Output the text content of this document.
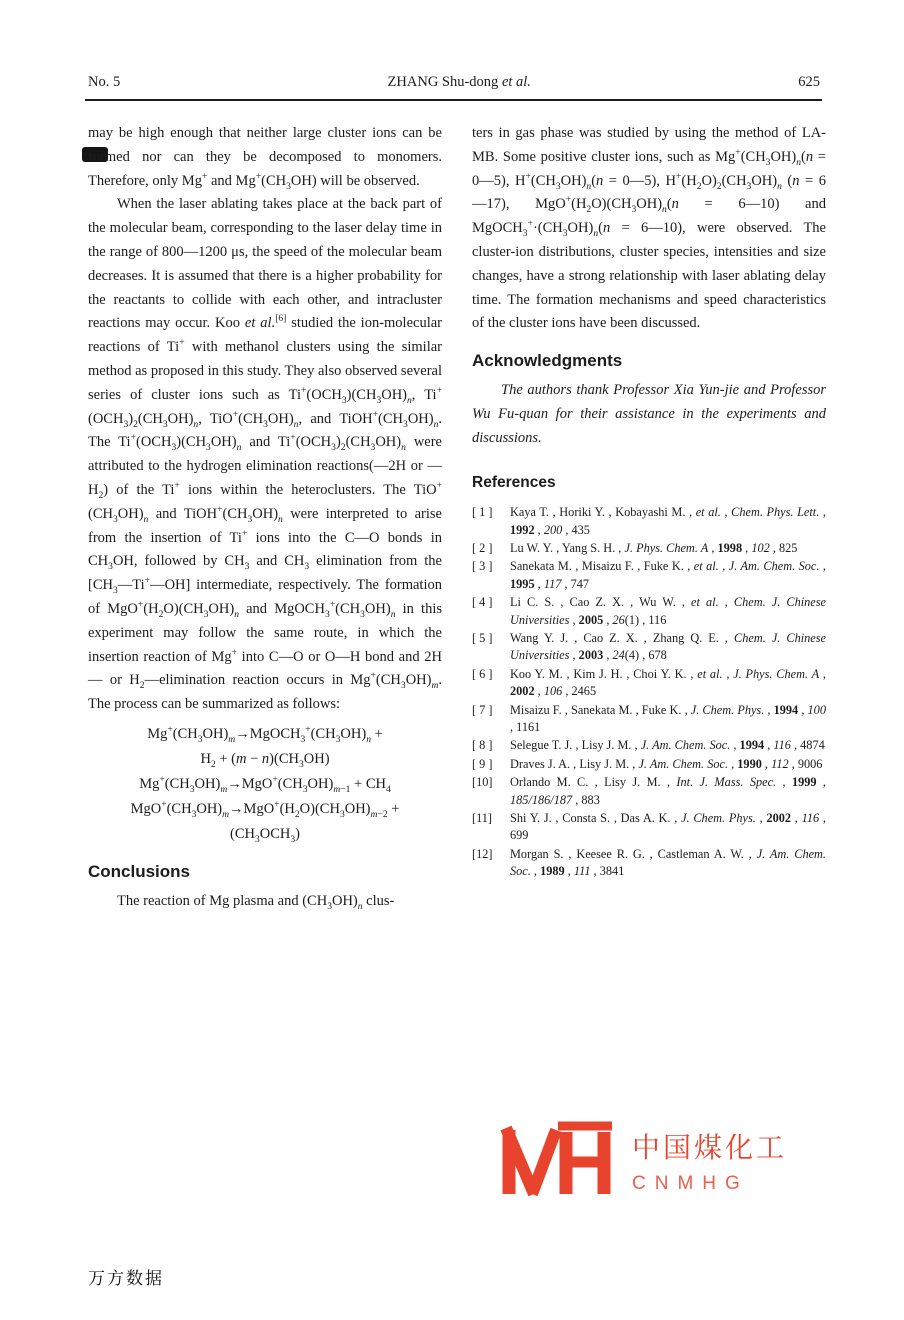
No. 5	ZHANG Shu-dong et al.	625

may be high enough that neither large cluster ions can be formed nor can they be decomposed to monomers. Therefore, only Mg+ and $Mg^+(CH_3OH)$ will be observed.

When the laser ablating takes place at the back part of the molecular beam, corresponding to the laser delay time in the range of 800—1200 μs, the speed of the molecular beam decreases. It is assumed that there is a higher probability for the reactants to collide with each other, and intracluster reactions may occur. Koo et al.[6] studied the ion-molecular reactions of Ti+ with methanol clusters using the similar method as proposed in this study. They also observed several series of cluster ions such as $Ti^+(OCH_3)(CH_3OH)_n$, $Ti^+(OCH_3)_2(CH_3OH)_n$, $TiO^+(CH_3OH)_n$, and $TiOH^+(CH_3OH)_n$. The $Ti^+(OCH_3)(CH_3OH)_n$ and $Ti^+(OCH_3)_2(CH_3OH)_n$ were attributed to the hydrogen elimination reactions(—2H or $—H_2$) of the Ti+ ions within the heteroclusters. The $TiO^+(CH_3OH)_n$ and $TiOH^+(CH_3OH)_n$ were interpreted to arise from the insertion of Ti+ ions into the C—O bonds in $CH_3OH$, followed by $CH_3$ and $CH_3$ elimination from the $[CH_3—Ti^+—OH]$ intermediate, respectively. The formation of $MgO^+(H_2O)(CH_3OH)_n$ and $MgOCH_3^+(CH_3OH)_n$ in this experiment may follow the same route, in which the insertion reaction of Mg+ into C—O or O—H bond and 2H— or $H_2—elimination$ reaction occurs in $Mg^+(CH_3OH)_m$. The process can be summarized as follows:

$Mg^+(CH_3OH)_m\to MgOCH_3^+(CH_3OH)_n$ +
$H_2 + (m - n)(CH_3OH)$
$Mg^+(CH_3OH)_m\to MgO^+(CH_3OH)_{m-1} + CH_4$
$MgO^+(CH_3OH)_m\to MgO^+(H_2O)(CH_3OH)_{m-2}$ +
$(CH_3OCH_3)$
Conclusions

The reaction of Mg plasma and $(CH_3OH)_n$ clus-

ters in gas phase was studied by using the method of LA-MB. Some positive cluster ions, such as $Mg^+(CH_3OH)_n(n$ = 0—5), $H^+(CH_3OH)_n(n$ = 0—5), $H^+(H_2O)_2(CH_3OH)_n$ (n = 6—17), $MgO^+(H_2O)(CH_3OH)_n(n$ = 6—10) and $MgOCH_3^+\cdot(CH_3OH)_n(n$ = 6—10), were observed. The cluster-ion distributions, cluster species, intensities and size changes, have a strong relationship with laser ablating delay time. The formation mechanisms and speed characteristics of the cluster ions have been discussed.

Acknowledgments

The authors thank Professor Xia Yun-jie and Professor Wu Fu-quan for their assistance in the experiments and discussions.

References
[ 1 ]	Kaya T. , Horiki Y. , Kobayashi M. , et al. , Chem. Phys. Lett. , 1992 , 200 , 435
[ 2 ]	Lu W. Y. , Yang S. H. , J. Phys. Chem. A , 1998 , 102 , 825
[ 3 ]	Sanekata M. , Misaizu F. , Fuke K. , et al. , J. Am. Chem. Soc. , 1995 , 117 , 747
[ 4 ]	Li C. S. , Cao Z. X. , Wu W. , et al. , Chem. J. Chinese Universities , 2005 , 26(1) , 116
[ 5 ]	Wang Y. J. , Cao Z. X. , Zhang Q. E. , Chem. J. Chinese Universities , 2003 , 24(4) , 678
[ 6 ]	Koo Y. M. , Kim J. H. , Choi Y. K. , et al. , J. Phys. Chem. A , 2002 , 106 , 2465
[ 7 ]	Misaizu F. , Sanekata M. , Fuke K. , J. Chem. Phys. , 1994 , 100 , 1161
[ 8 ]	Selegue T. J. , Lisy J. M. , J. Am. Chem. Soc. , 1994 , 116 , 4874
[ 9 ]	Draves J. A. , Lisy J. M. , J. Am. Chem. Soc. , 1990 , 112 , 9006
[10]	Orlando M. C. , Lisy J. M. , Int. J. Mass. Spec. , 1999 , 185/186/187 , 883
[11]	Shi Y. J. , Consta S. , Das A. K. , J. Chem. Phys. , 2002 , 116 , 699
[12]	Morgan S. , Keesee R. G. , Castleman A. W. , J. Am. Chem. Soc. , 1989 , 111 , 3841
中国煤化工
CNMHG
万方数据
